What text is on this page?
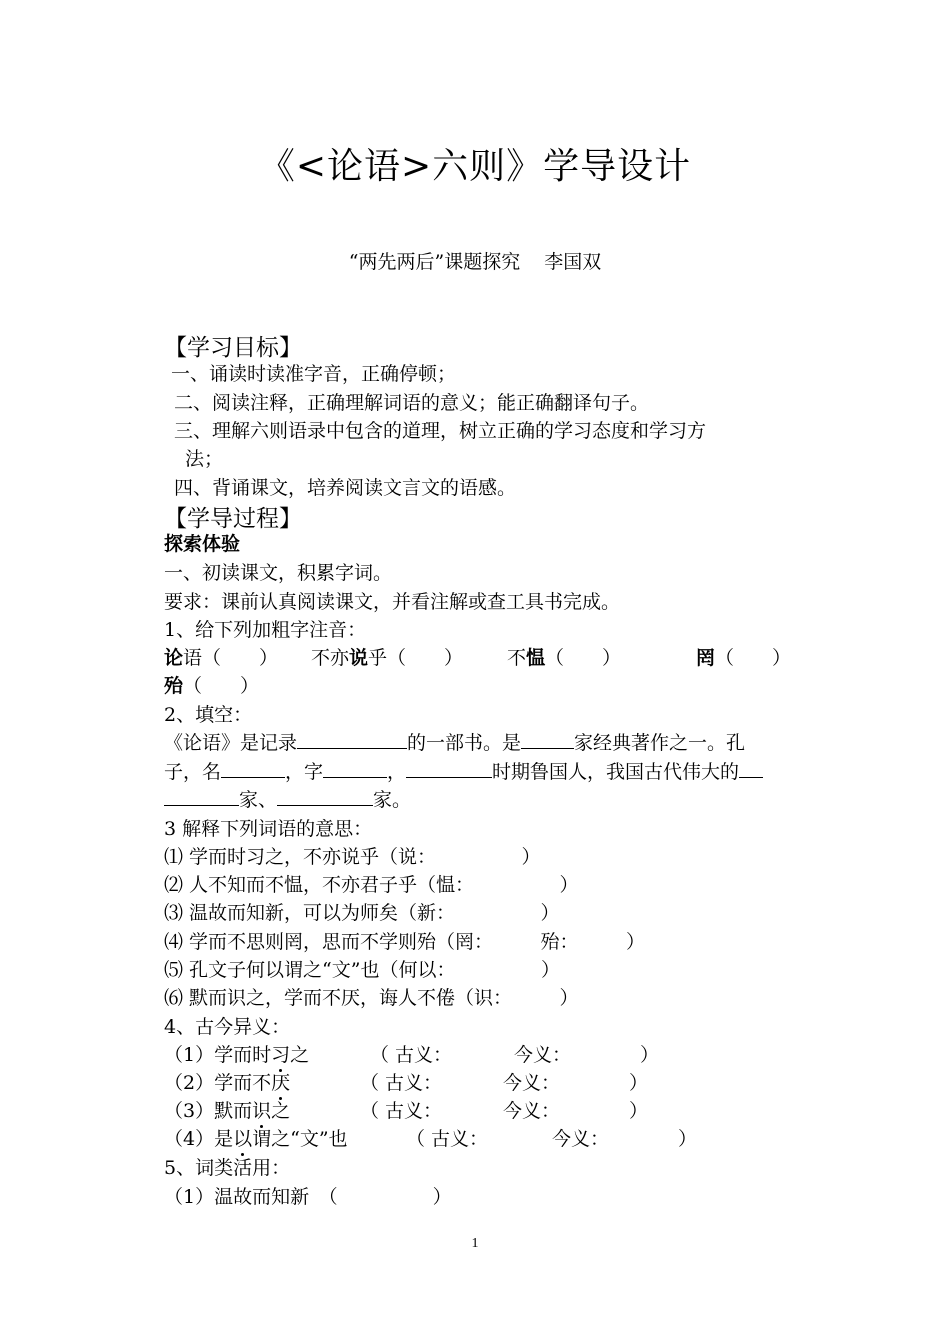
《<论语>六则》学导设计
“两先两后”课题探究 李国双
【学习目标】
一、诵读时读准字音，正确停顿；
二、阅读注释，正确理解词语的意义；能正确翻译句子。
三、理解六则语录中包含的道理，树立正确的学习态度和学习方
法；
四、背诵课文，培养阅读文言文的语感。
【学导过程】
探索体验
一、初读课文，积累字词。
要求：课前认真阅读课文，并看注解或查工具书完成。
1、给下列加粗字注音：
论语（　　） 不亦说乎（　　） 不愠（　　）	罔（　　）
殆（　　）
2、填空：
《论语》是记录	的一部书。是	家经典著作之一。孔
子，名	，字	，	时期鲁国人，我国古代伟大的
家、	家。
3 解释下列词语的意思：
⑴ 学而时习之，不亦说乎（说：　　　　　）
⑵ 人不知而不愠，不亦君子乎（愠：　　　　　）
⑶ 温故而知新，可以为师矣（新：　　　　　）
⑷ 学而不思则罔，思而不学则殆（罔：　　　殆：　　　）
⑸ 孔文子何以谓之“文”也（何以：　　　　　）
⑹ 默而识之，学而不厌，诲人不倦（识：　　　）
4、古今异义：
（1）学而时习之	（ 古义：	今义：	）
（2）学而不厌	（ 古义：	今义：	）
（3）默而识之	（ 古义：	今义：	）
（4）是以谓之“文”也	（ 古义：	今义：	）
5、词类活用：
（1）温故而知新　（　　　　　）
1
